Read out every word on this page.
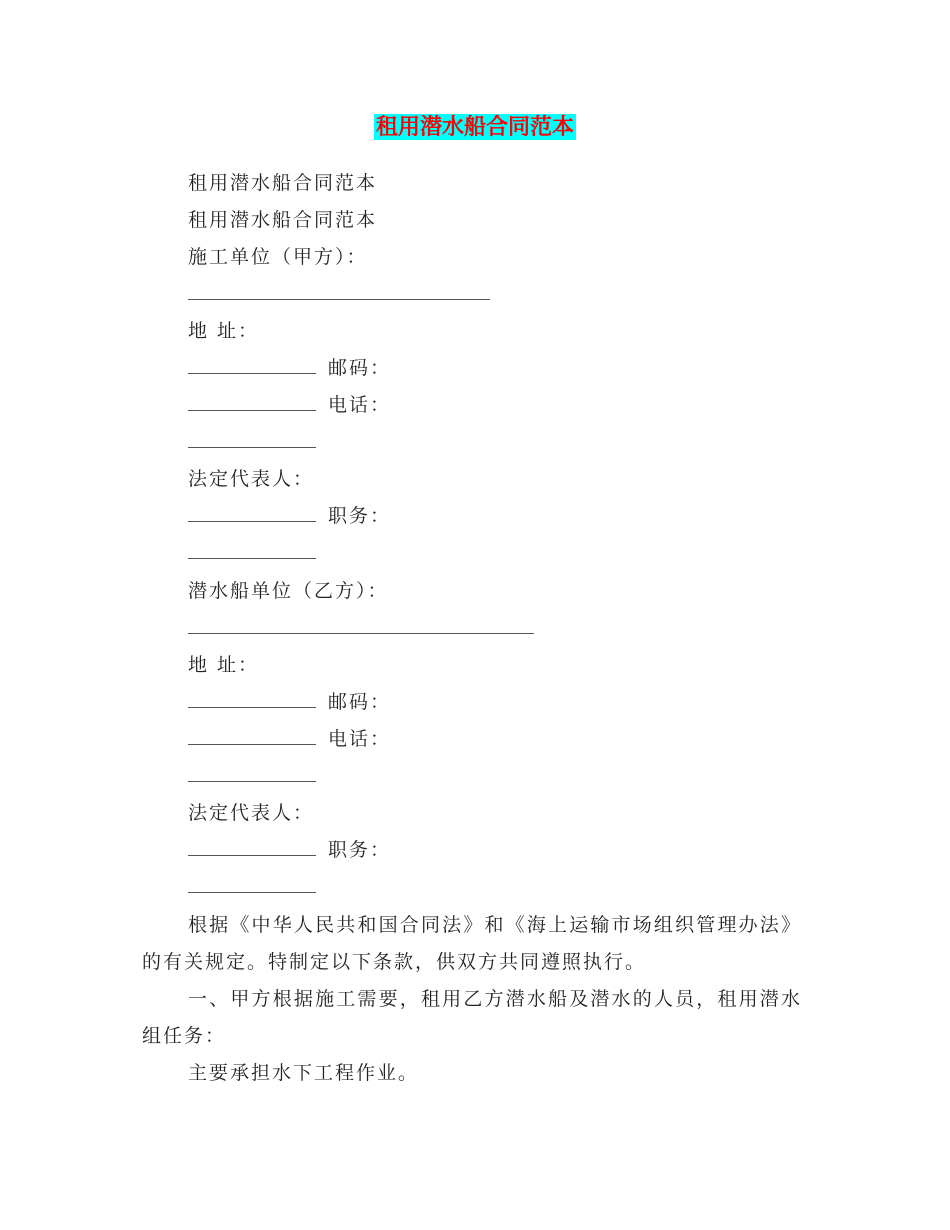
租用潜水船合同范本
租用潜水船合同范本
租用潜水船合同范本
施工单位（甲方）：
地 址：
邮码：
电话：
法定代表人：
职务：
潜水船单位（乙方）：
地 址：
邮码：
电话：
法定代表人：
职务：
根据《中华人民共和国合同法》和《海上运输市场组织管理办法》的有关规定。特制定以下条款，供双方共同遵照执行。
一、甲方根据施工需要，租用乙方潜水船及潜水的人员，租用潜水组任务：
主要承担水下工程作业。
